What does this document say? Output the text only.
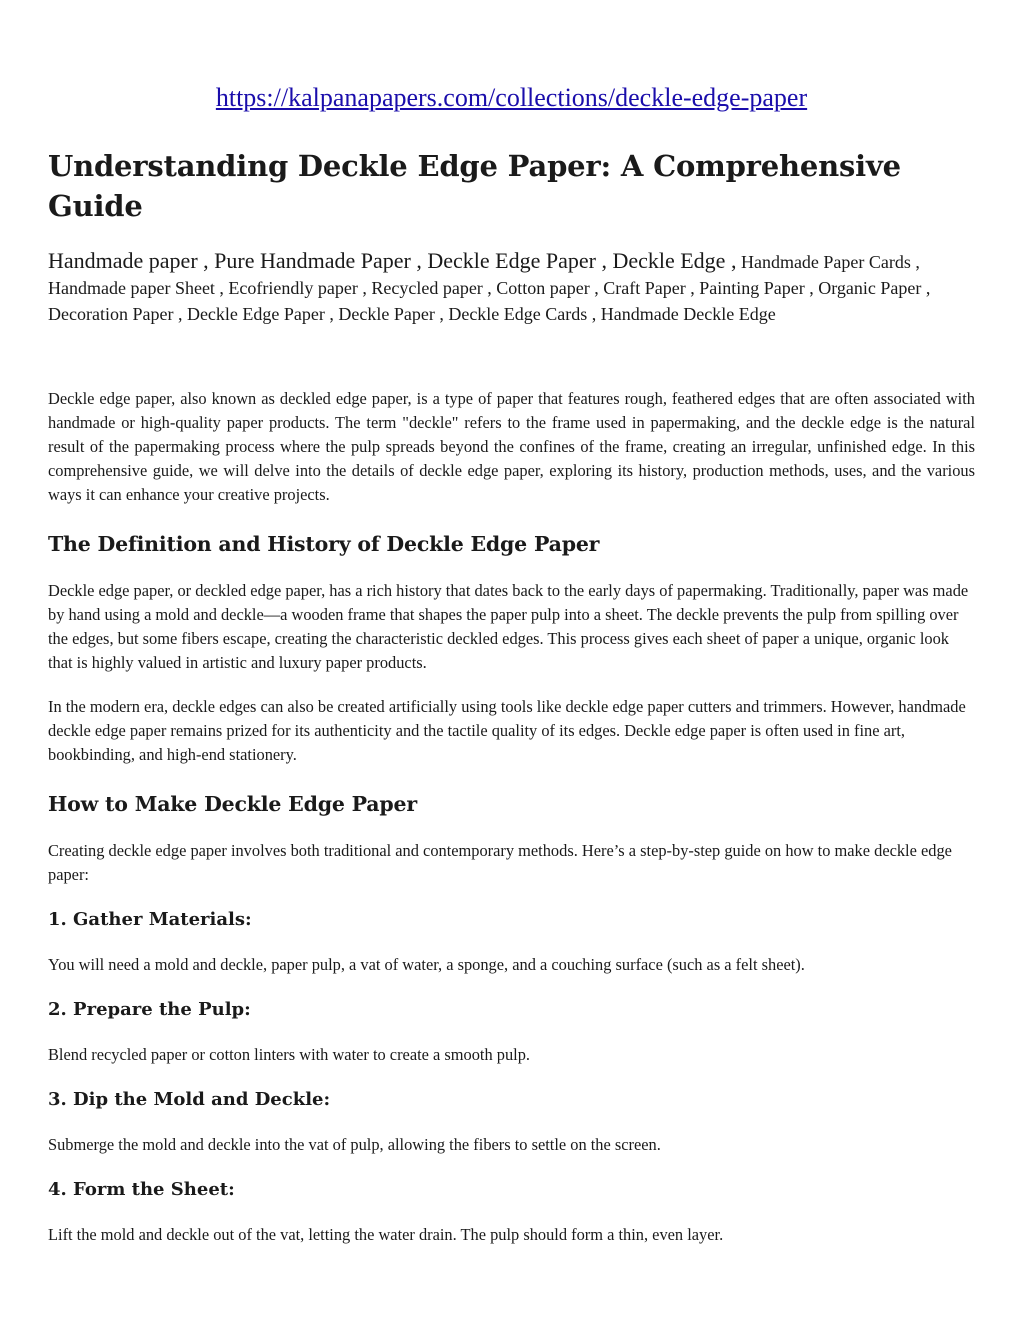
https://kalpanapapers.com/collections/deckle-edge-paper
Understanding Deckle Edge Paper: A Comprehensive Guide
Handmade paper , Pure Handmade Paper , Deckle Edge Paper , Deckle Edge , Handmade Paper Cards , Handmade paper Sheet , Ecofriendly paper , Recycled paper , Cotton paper , Craft Paper , Painting Paper , Organic Paper , Decoration Paper , Deckle Edge Paper , Deckle Paper , Deckle Edge Cards , Handmade Deckle Edge

Deckle edge paper, also known as deckled edge paper, is a type of paper that features rough, feathered edges that are often associated with handmade or high-quality paper products. The term "deckle" refers to the frame used in papermaking, and the deckle edge is the natural result of the papermaking process where the pulp spreads beyond the confines of the frame, creating an irregular, unfinished edge. In this comprehensive guide, we will delve into the details of deckle edge paper, exploring its history, production methods, uses, and the various ways it can enhance your creative projects.

The Definition and History of Deckle Edge Paper

Deckle edge paper, or deckled edge paper, has a rich history that dates back to the early days of papermaking. Traditionally, paper was made by hand using a mold and deckle—a wooden frame that shapes the paper pulp into a sheet. The deckle prevents the pulp from spilling over the edges, but some fibers escape, creating the characteristic deckled edges. This process gives each sheet of paper a unique, organic look that is highly valued in artistic and luxury paper products.

In the modern era, deckle edges can also be created artificially using tools like deckle edge paper cutters and trimmers. However, handmade deckle edge paper remains prized for its authenticity and the tactile quality of its edges. Deckle edge paper is often used in fine art, bookbinding, and high-end stationery.

How to Make Deckle Edge Paper

Creating deckle edge paper involves both traditional and contemporary methods. Here’s a step-by-step guide on how to make deckle edge paper:

1. Gather Materials:

You will need a mold and deckle, paper pulp, a vat of water, a sponge, and a couching surface (such as a felt sheet).

2. Prepare the Pulp:

Blend recycled paper or cotton linters with water to create a smooth pulp.

3. Dip the Mold and Deckle:

Submerge the mold and deckle into the vat of pulp, allowing the fibers to settle on the screen.

4. Form the Sheet:

Lift the mold and deckle out of the vat, letting the water drain. The pulp should form a thin, even layer.
